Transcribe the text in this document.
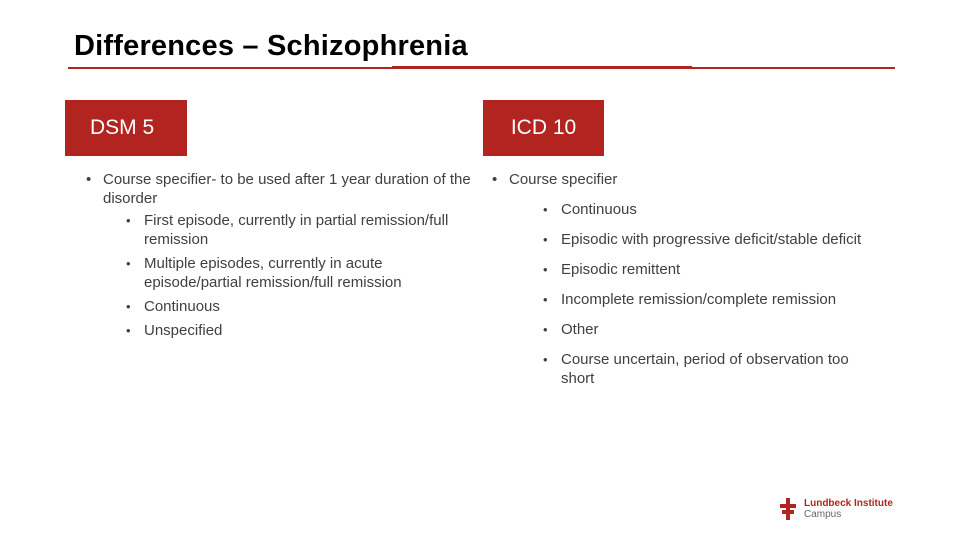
Differences – Schizophrenia
DSM 5	ICD 10
• Course specifier- to be used after 1 year duration of the disorder
• First episode, currently in partial remission/full remission
• Multiple episodes, currently in acute episode/partial remission/full remission
• Continuous
• Unspecified
• Course specifier
• Continuous
• Episodic with progressive deficit/stable deficit
• Episodic remittent
• Incomplete remission/complete remission
• Other
• Course uncertain, period of observation too short
Lundbeck Institute
Campus
